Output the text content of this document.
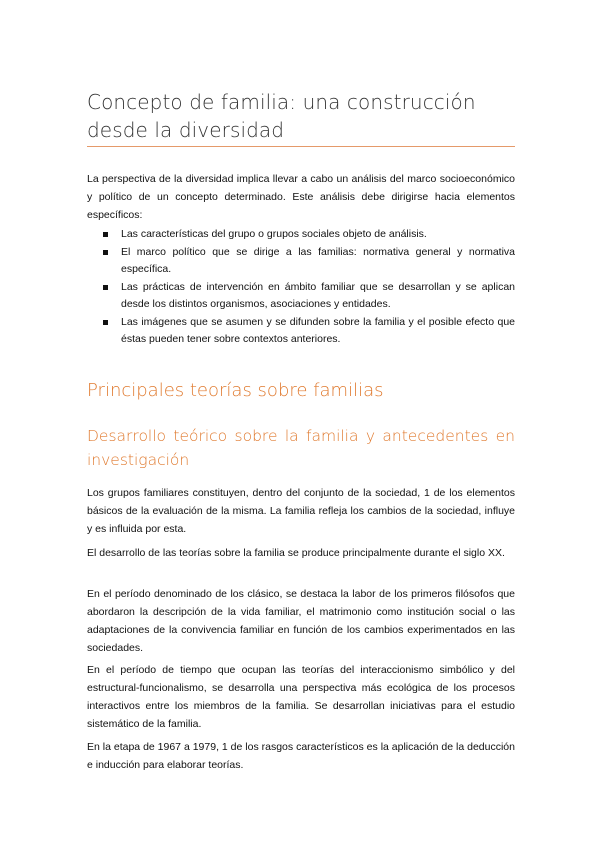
Concepto de familia: una construcción desde la diversidad

La perspectiva de la diversidad implica llevar a cabo un análisis del marco socioeconómico y político de un concepto determinado. Este análisis debe dirigirse hacia elementos específicos:

Las características del grupo o grupos sociales objeto de análisis.
El marco político que se dirige a las familias: normativa general y normativa específica.
Las prácticas de intervención en ámbito familiar que se desarrollan y se aplican desde los distintos organismos, asociaciones y entidades.
Las imágenes que se asumen y se difunden sobre la familia y el posible efecto que éstas pueden tener sobre contextos anteriores.
Principales teorías sobre familias
Desarrollo teórico sobre la familia y antecedentes en investigación

Los grupos familiares constituyen, dentro del conjunto de la sociedad, 1 de los elementos básicos de la evaluación de la misma. La familia refleja los cambios de la sociedad, influye y es influida por esta.

El desarrollo de las teorías sobre la familia se produce principalmente durante el siglo XX.

En el período denominado de los clásico, se destaca la labor de los primeros filósofos que abordaron la descripción de la vida familiar, el matrimonio como institución social o las adaptaciones de la convivencia familiar en función de los cambios experimentados en las sociedades.

En el período de tiempo que ocupan las teorías del interaccionismo simbólico y del estructural-funcionalismo, se desarrolla una perspectiva más ecológica de los procesos interactivos entre los miembros de la familia. Se desarrollan iniciativas para el estudio sistemático de la familia.

En la etapa de 1967 a 1979, 1 de los rasgos característicos es la aplicación de la deducción e inducción para elaborar teorías.
